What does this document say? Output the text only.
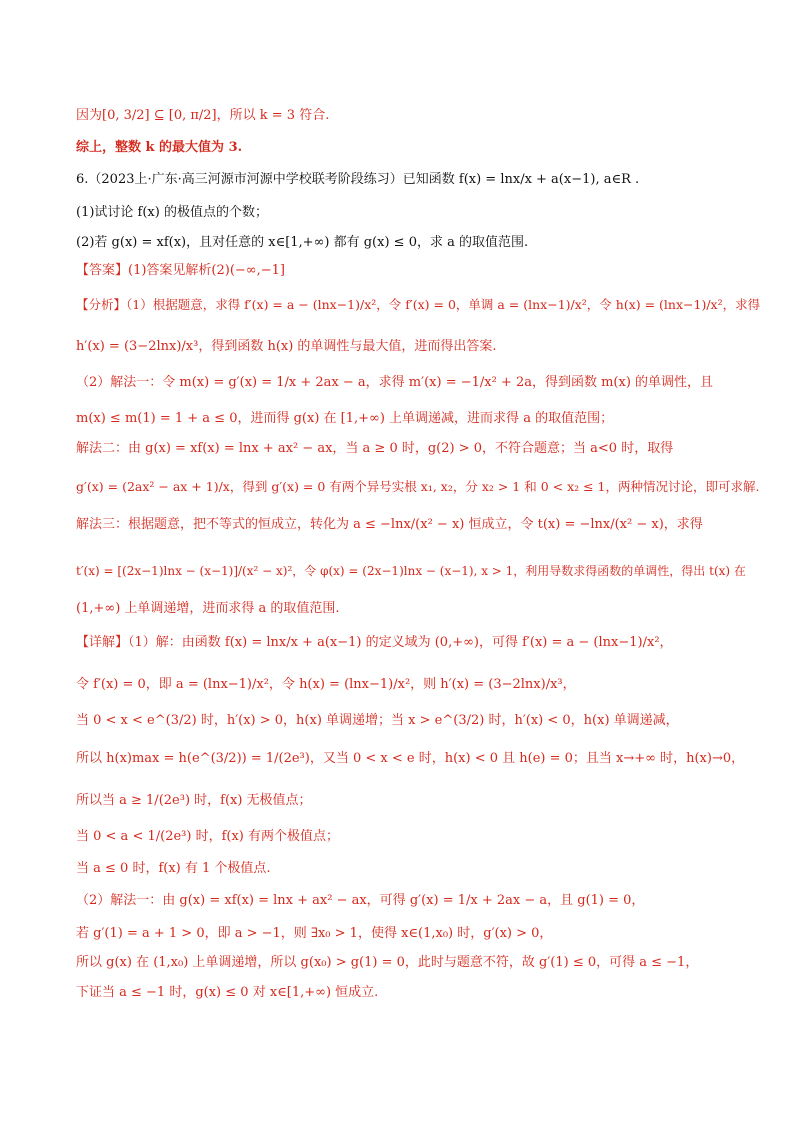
因为[0, 3/2] ⊆ [0, π/2]，所以 k = 3 符合.
综上，整数 k 的最大值为 3.
6.（2023上·广东·高三河源市河源中学校联考阶段练习）已知函数 f(x) = lnx/x + a(x−1), a∈R .
(1)试讨论 f(x) 的极值点的个数；
(2)若 g(x) = xf(x)，且对任意的 x∈[1,+∞) 都有 g(x) ≤ 0，求 a 的取值范围.
【答案】(1)答案见解析(2)(−∞,−1]
【分析】（1）根据题意，求得 f′(x) = a − (lnx−1)/x²，令 f′(x) = 0，单调 a = (lnx−1)/x²，令 h(x) = (lnx−1)/x²，求得
h′(x) = (3−2lnx)/x³，得到函数 h(x) 的单调性与最大值，进而得出答案.
（2）解法一：令 m(x) = g′(x) = 1/x + 2ax − a，求得 m′(x) = −1/x² + 2a，得到函数 m(x) 的单调性，且
m(x) ≤ m(1) = 1 + a ≤ 0，进而得 g(x) 在 [1,+∞) 上单调递减，进而求得 a 的取值范围；
解法二：由 g(x) = xf(x) = lnx + ax² − ax，当 a ≥ 0 时，g(2) > 0，不符合题意；当 a<0 时，取得
g′(x) = (2ax² − ax + 1)/x，得到 g′(x) = 0 有两个异号实根 x₁, x₂，分 x₂ > 1 和 0 < x₂ ≤ 1，两种情况讨论，即可求解.
解法三：根据题意，把不等式的恒成立，转化为 a ≤ −lnx/(x² − x) 恒成立，令 t(x) = −lnx/(x² − x)，求得
t′(x) = [(2x−1)lnx − (x−1)]/(x² − x)²，令 φ(x) = (2x−1)lnx − (x−1), x > 1，利用导数求得函数的单调性，得出 t(x) 在
(1,+∞) 上单调递增，进而求得 a 的取值范围.
【详解】（1）解：由函数 f(x) = lnx/x + a(x−1) 的定义域为 (0,+∞)，可得 f′(x) = a − (lnx−1)/x²，
令 f′(x) = 0，即 a = (lnx−1)/x²，令 h(x) = (lnx−1)/x²，则 h′(x) = (3−2lnx)/x³，
当 0 < x < e^(3/2) 时，h′(x) > 0，h(x) 单调递增；当 x > e^(3/2) 时，h′(x) < 0，h(x) 单调递减，
所以 h(x)max = h(e^(3/2)) = 1/(2e³)，又当 0 < x < e 时，h(x) < 0 且 h(e) = 0；且当 x→+∞ 时，h(x)→0，
所以当 a ≥ 1/(2e³) 时，f(x) 无极值点；
当 0 < a < 1/(2e³) 时，f(x) 有两个极值点；
当 a ≤ 0 时，f(x) 有 1 个极值点.
（2）解法一：由 g(x) = xf(x) = lnx + ax² − ax，可得 g′(x) = 1/x + 2ax − a，且 g(1) = 0，
若 g′(1) = a + 1 > 0，即 a > −1，则 ∃x₀ > 1，使得 x∈(1,x₀) 时，g′(x) > 0，
所以 g(x) 在 (1,x₀) 上单调递增，所以 g(x₀) > g(1) = 0，此时与题意不符，故 g′(1) ≤ 0，可得 a ≤ −1，
下证当 a ≤ −1 时，g(x) ≤ 0 对 x∈[1,+∞) 恒成立.
